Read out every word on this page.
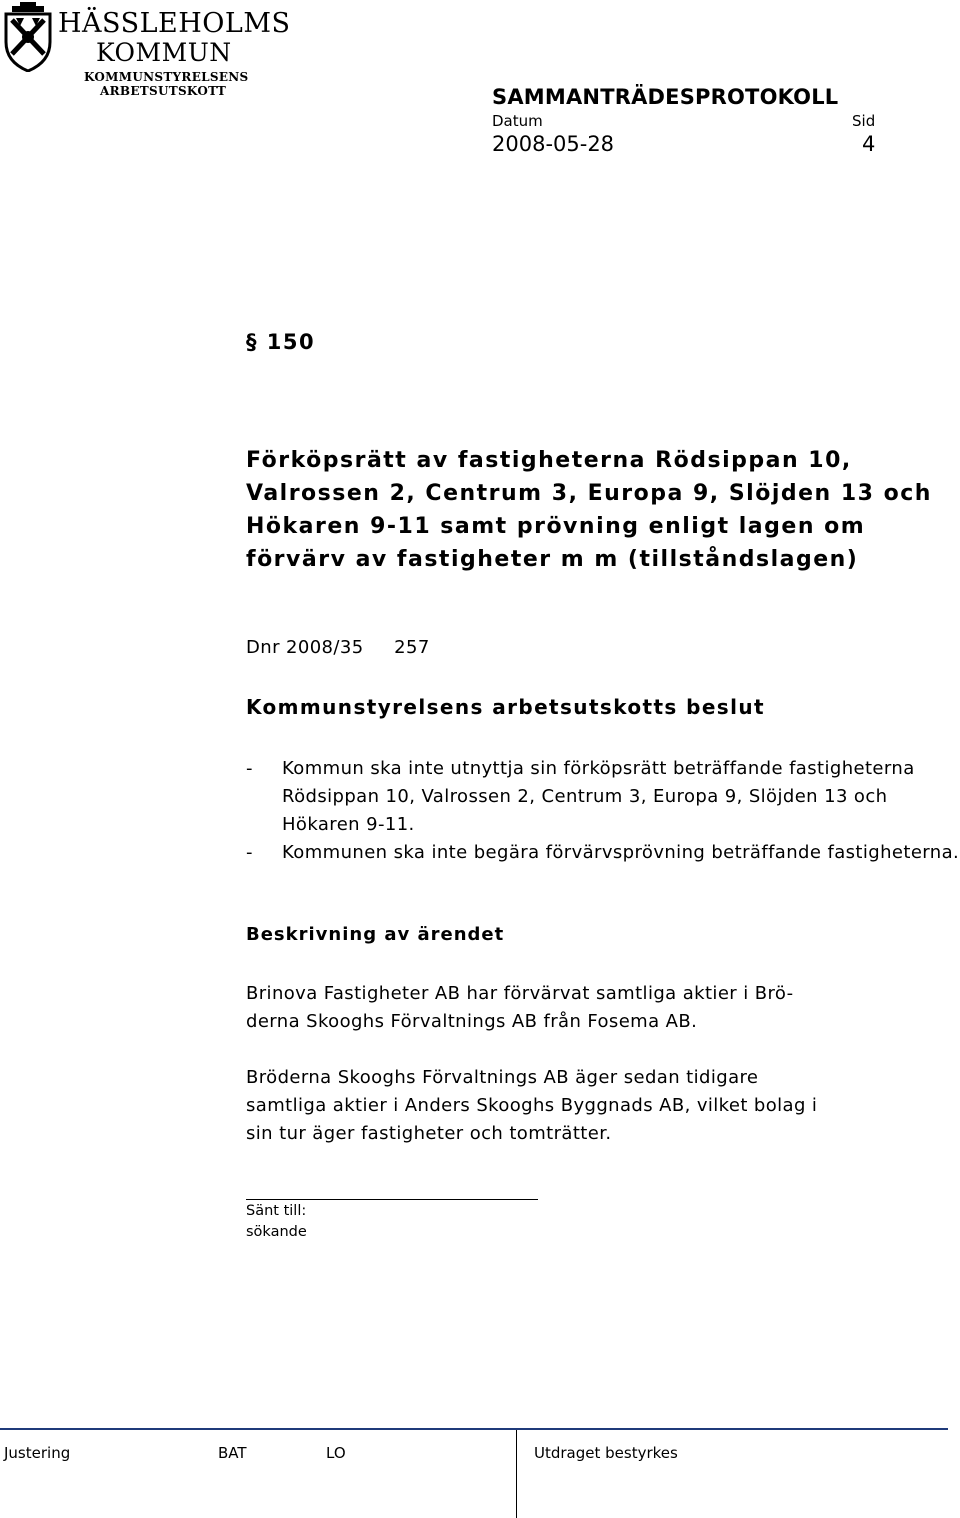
HÄSSLEHOLMS
KOMMUN
KOMMUNSTYRELSENS
ARBETSUTSKOTT	SAMMANTRÄDESPROTOKOLL
Datum	Sid
2008-05-28	4
§ 150
Förköpsrätt av fastigheterna Rödsippan 10, Valrossen 2, Centrum 3, Europa 9, Slöjden 13 och Hökaren 9-11 samt prövning enligt lagen om förvärv av fastigheter m m (tillståndslagen)
Dnr 2008/35     257
Kommunstyrelsens arbetsutskotts beslut
- Kommun ska inte utnyttja sin förköpsrätt beträffande fastigheterna Rödsippan 10, Valrossen 2, Centrum 3, Europa 9, Slöjden 13 och Hökaren 9-11.
- Kommunen ska inte begära förvärvsprövning beträffande fastigheterna.
Beskrivning av ärendet
Brinova Fastigheter AB har förvärvat samtliga aktier i Brö-
derna Skooghs Förvaltnings AB från Fosema AB.
Bröderna Skooghs Förvaltnings AB äger sedan tidigare
samtliga aktier i Anders Skooghs Byggnads AB, vilket bolag i
sin tur äger fastigheter och tomträtter.
Sänt till:
sökande
Justering	BAT	LO	Utdraget bestyrkes
